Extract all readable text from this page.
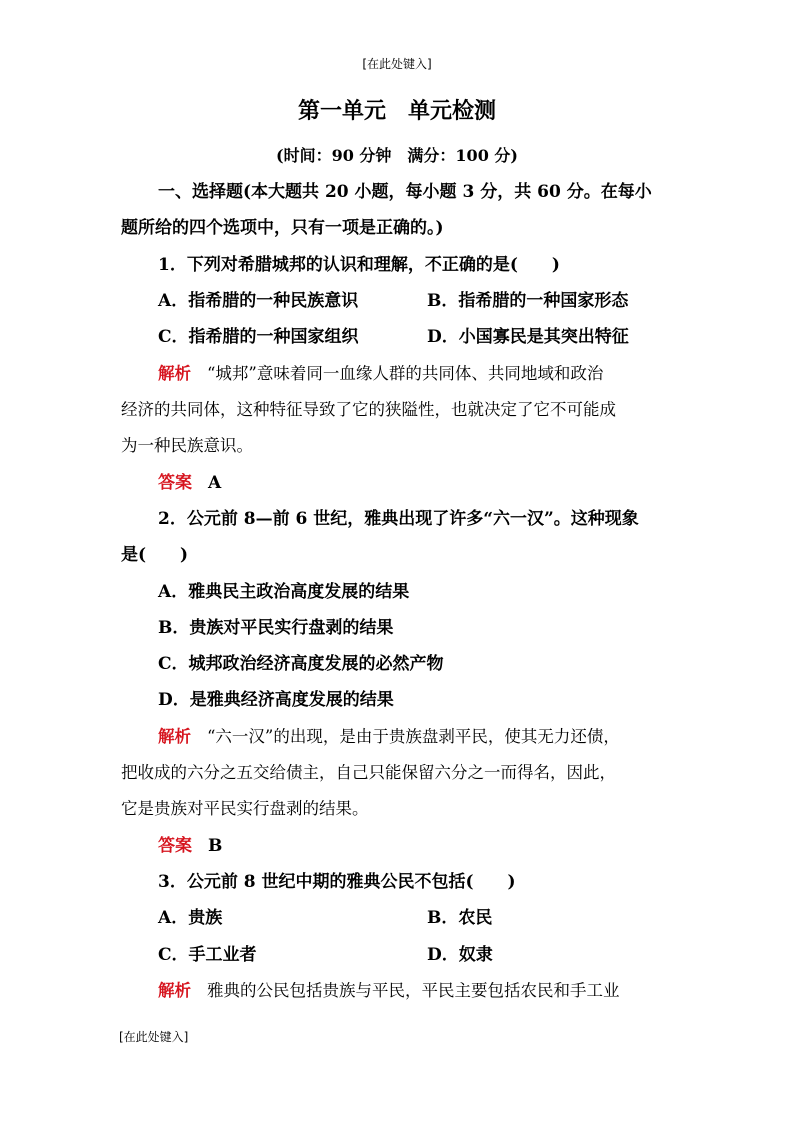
[在此处键入]
第一单元 单元检测
(时间：90 分钟　满分：100 分)
一、选择题(本大题共 20 小题，每小题 3 分，共 60 分。在每小
题所给的四个选项中，只有一项是正确的。)
1．下列对希腊城邦的认识和理解，不正确的是(　　)
A．指希腊的一种民族意识	B．指希腊的一种国家形态
C．指希腊的一种国家组织	D．小国寡民是其突出特征
解析 “城邦”意味着同一血缘人群的共同体、共同地域和政治
经济的共同体，这种特征导致了它的狭隘性，也就决定了它不可能成
为一种民族意识。
答案 A
2．公元前 8—前 6 世纪，雅典出现了许多“六一汉”。这种现象
是(　　)
A．雅典民主政治高度发展的结果
B．贵族对平民实行盘剥的结果
C．城邦政治经济高度发展的必然产物
D．是雅典经济高度发展的结果
解析 “六一汉”的出现，是由于贵族盘剥平民，使其无力还债，
把收成的六分之五交给债主，自己只能保留六分之一而得名，因此，
它是贵族对平民实行盘剥的结果。
答案 B
3．公元前 8 世纪中期的雅典公民不包括(　　)
A．贵族	B．农民
C．手工业者	D．奴隶
解析 雅典的公民包括贵族与平民，平民主要包括农民和手工业
[在此处键入]
